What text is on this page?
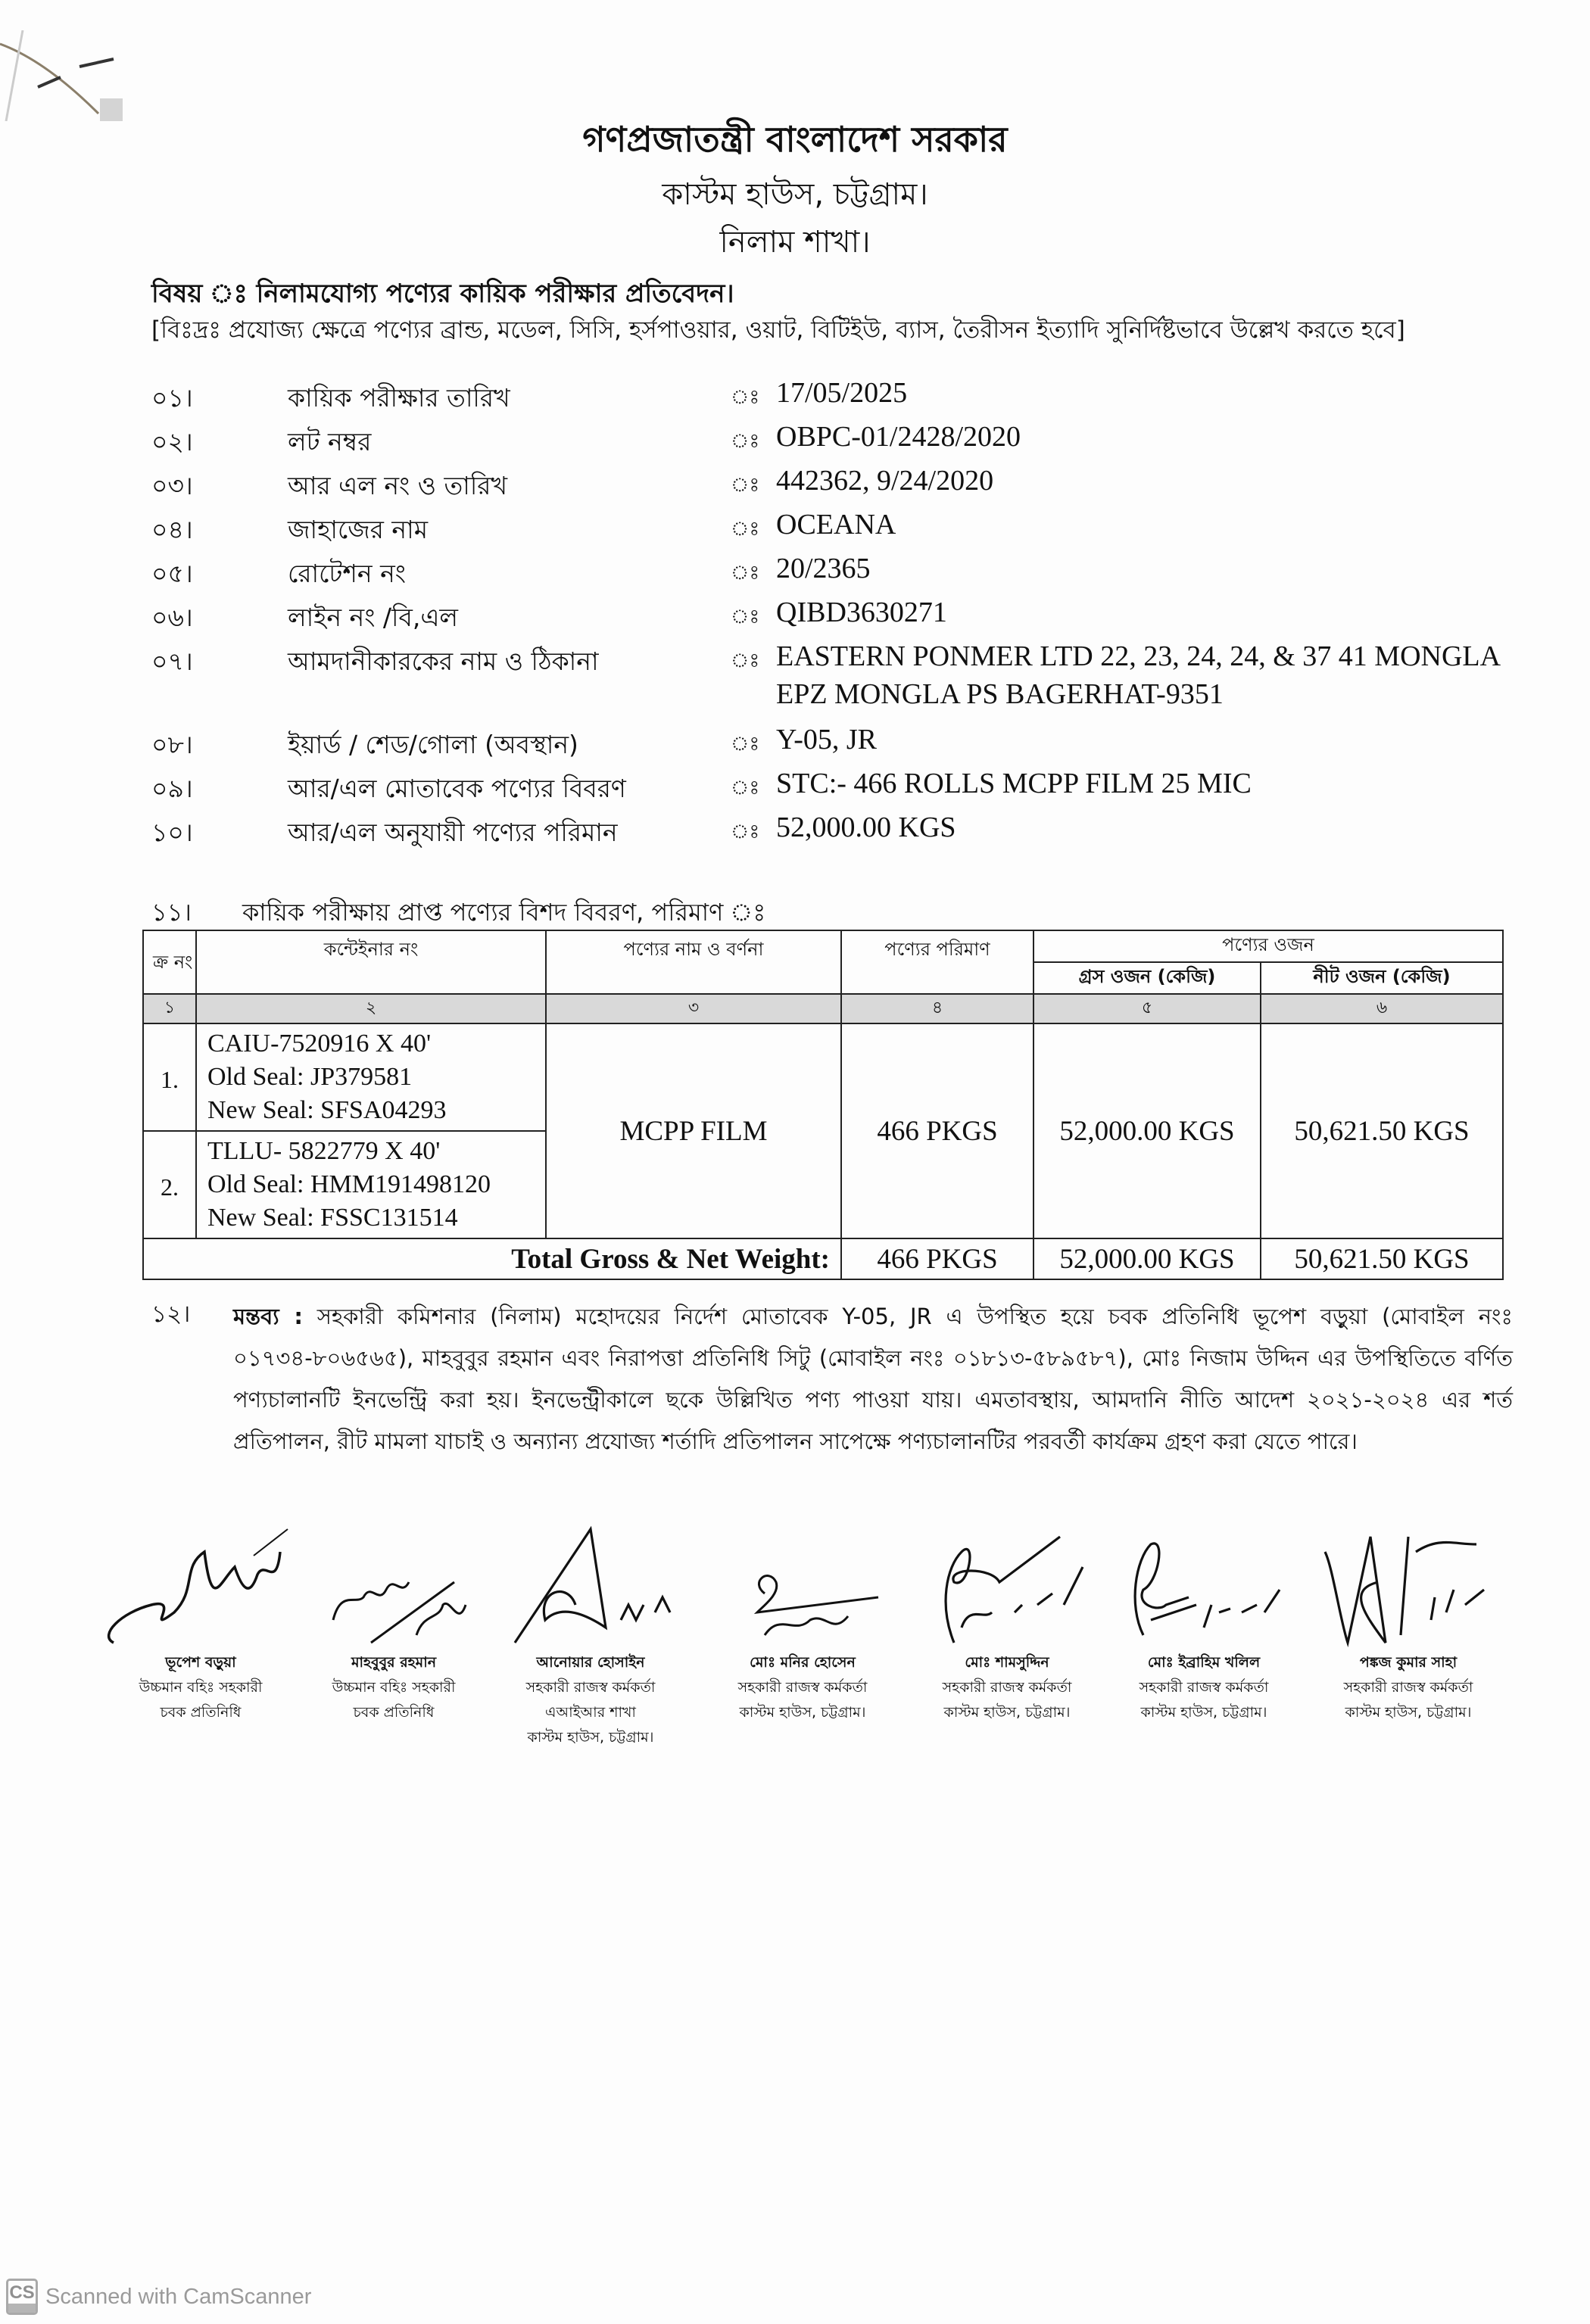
গণপ্রজাতন্ত্রী বাংলাদেশ সরকার
কাস্টম হাউস, চট্টগ্রাম।
নিলাম শাখা।
বিষয় ঃ নিলামযোগ্য পণ্যের কায়িক পরীক্ষার প্রতিবেদন।
[বিঃদ্রঃ প্রযোজ্য ক্ষেত্রে পণ্যের ব্রান্ড, মডেল, সিসি, হর্সপাওয়ার, ওয়াট, বিটিইউ, ব্যাস, তৈরীসন ইত্যাদি সুনির্দিষ্টভাবে উল্লেখ করতে হবে]
০১।	কায়িক পরীক্ষার তারিখ	ঃ 17/05/2025
০২।	লট নম্বর	ঃ OBPC-01/2428/2020
০৩।	আর এল নং ও তারিখ	ঃ 442362, 9/24/2020
০৪।	জাহাজের নাম	ঃ OCEANA
০৫।	রোটেশন নং	ঃ 20/2365
০৬।	লাইন নং /বি,এল	ঃ QIBD3630271
০৭।	আমদানীকারকের নাম ও ঠিকানা	ঃ EASTERN PONMER LTD 22, 23, 24, 24, & 37 41 MONGLA EPZ MONGLA PS BAGERHAT-9351
০৮।	ইয়ার্ড / শেড/গোলা (অবস্থান)	ঃ Y-05, JR
০৯।	আর/এল মোতাবেক পণ্যের বিবরণ	ঃ STC:- 466 ROLLS MCPP FILM 25 MIC
১০।	আর/এল অনুযায়ী পণ্যের পরিমান	ঃ 52,000.00 KGS
১১। কায়িক পরীক্ষায় প্রাপ্ত পণ্যের বিশদ বিবরণ, পরিমাণ ঃ
ক্র নং	কন্টেইনার নং	পণ্যের নাম ও বর্ণনা	পণ্যের পরিমাণ	পণ্যের ওজন	
				গ্রস ওজন (কেজি)	নীট ওজন (কেজি)
১	২	৩	৪	৫	৬
1.	CAIU-7520916 X 40'
Old Seal: JP379581
New Seal: SFSA04293	MCPP FILM	466 PKGS	52,000.00 KGS	50,621.50 KGS
2.	TLLU- 5822779 X 40'
Old Seal: HMM191498120
New Seal: FSSC131514				

Total Gross & Net Weight:			466 PKGS	52,000.00 KGS	50,621.50 KGS
১২। মন্তব্য : সহকারী কমিশনার (নিলাম) মহোদয়ের নির্দেশ মোতাবেক Y-05, JR এ উপস্থিত হয়ে চবক প্রতিনিধি ভূপেশ বড়ুয়া (মোবাইল নংঃ ০১৭৩৪-৮০৬৫৬৫), মাহবুবুর রহমান এবং নিরাপত্তা প্রতিনিধি সিটু (মোবাইল নংঃ ০১৮১৩-৫৮৯৫৮৭), মোঃ নিজাম উদ্দিন এর উপস্থিতিতে বর্ণিত পণ্যচালানটি ইনভেন্ট্রি করা হয়। ইনভেন্ট্রীকালে ছকে উল্লিখিত পণ্য পাওয়া যায়। এমতাবস্থায়, আমদানি নীতি আদেশ ২০২১-২০২৪ এর শর্ত প্রতিপালন, রীট মামলা যাচাই ও অন্যান্য প্রযোজ্য শর্তাদি প্রতিপালন সাপেক্ষে পণ্যচালানটির পরবর্তী কার্যক্রম গ্রহণ করা যেতে পারে।
ভূপেশ বড়ুয়া
উচ্চমান বহিঃ সহকারী
চবক প্রতিনিধি
মাহবুবুর রহমান
উচ্চমান বহিঃ সহকারী
চবক প্রতিনিধি
আনোয়ার হোসাইন
সহকারী রাজস্ব কর্মকর্তা
এআইআর শাখা
কাস্টম হাউস, চট্টগ্রাম।
মোঃ মনির হোসেন
সহকারী রাজস্ব কর্মকর্তা
কাস্টম হাউস, চট্টগ্রাম।
মোঃ শামসুদ্দিন
সহকারী রাজস্ব কর্মকর্তা
কাস্টম হাউস, চট্টগ্রাম।
মোঃ ইব্রাহিম খলিল
সহকারী রাজস্ব কর্মকর্তা
কাস্টম হাউস, চট্টগ্রাম।
পঙ্কজ কুমার সাহা
সহকারী রাজস্ব কর্মকর্তা
কাস্টম হাউস, চট্টগ্রাম।
CS Scanned with CamScanner
